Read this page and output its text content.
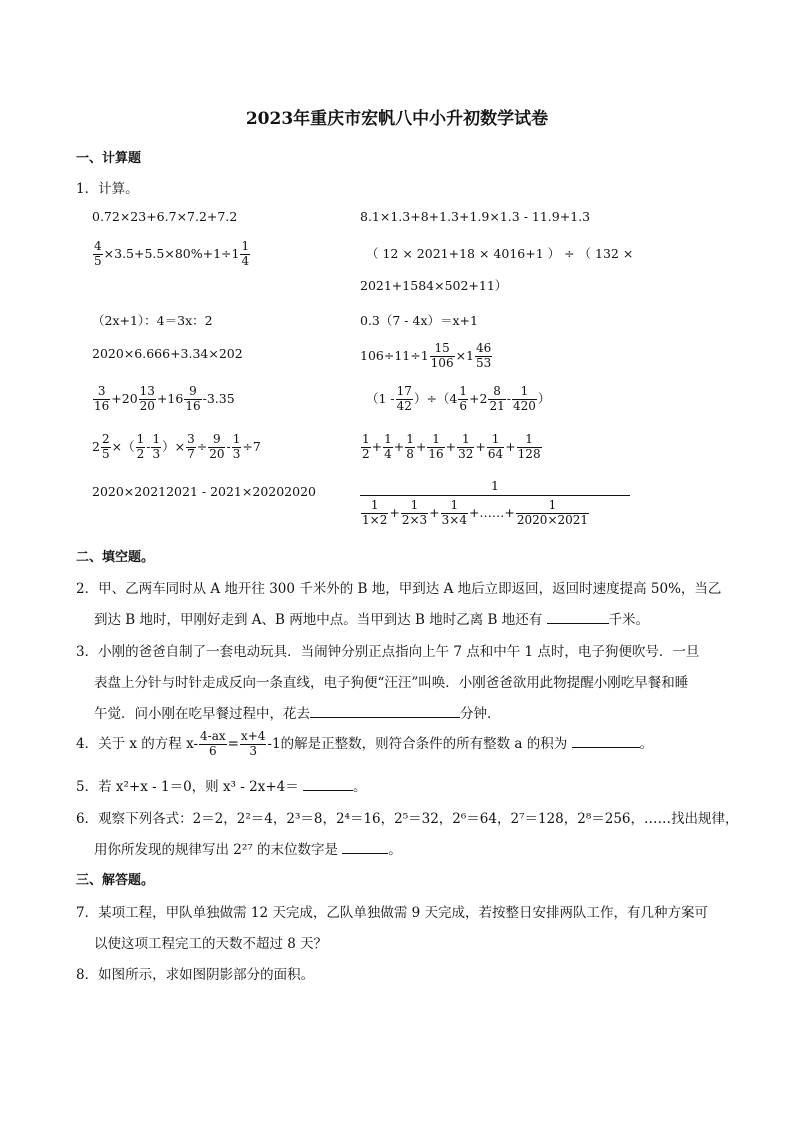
2023年重庆市宏帆八中小升初数学试卷
一、计算题
1．计算。
0.72×23+6.7×7.2+7.2
$\frac{4}{5} \times 3.5+5.5\times 80\%+1\div 1 \frac{1}{4}$
（2x+1）：4＝3x：2
2020×6.666+3.34×202
$\frac{3}{16} +20 \frac{13}{20} +16 \frac{9}{16} -3.35$
$2 \frac{2}{5}$ ×（ $\frac{1}{2} - \frac{1}{3}$ ）× $\frac{3}{7} \div \frac{9}{20} - \frac{1}{3} \div 7$
2020×20212021 - 2021×20202020
8.1×1.3+8+1.3+1.9×1.3 - 11.9+1.3
（ 12 × 2021+18 × 4016+1 ） ÷ （ 132 ×
2021+1584×502+11）
0.3（7 - 4x）＝x+1
$106\div 11\div 1 \frac{15}{106} \times 1 \frac{46}{53}$
$(1 - \frac{17}{42} )\div(4 \frac{1}{6} +2 \frac{8}{21} - \frac{1}{420}$ ）
$\frac{1}{2} + \frac{1}{4} + \frac{1}{8} + \frac{1}{16} + \frac{1}{32} + \frac{1}{64} + \frac{1}{128}$
1
$\frac{1}{1\times 2} + \frac{1}{2\times 3} + \frac{1}{3\times 4}$ +……+ $\frac{1}{2020\times 2021}$
二、填空题。
2．甲、乙两车同时从 A 地开往 300 千米外的 B 地，甲到达 A 地后立即返回，返回时速度提高 50%，当乙
到达 B 地时，甲刚好走到 A、B 两地中点。当甲到达 B 地时乙离 B 地还有	千米。
3．小刚的爸爸自制了一套电动玩具．当闹钟分别正点指向上午 7 点和中午 1 点时，电子狗便吹号．一旦
表盘上分针与时针走成反向一条直线，电子狗便“汪汪”叫唤．小刚爸爸欲用此物提醒小刚吃早餐和睡
午觉．问小刚在吃早餐过程中，花去	分钟．
4．关于 x 的方程 $x- \frac{4-ax}{6} = \frac{x+4}{3} -1$的解是正整数，则符合条件的所有整数 a 的积为	。
5．若 x²+x - 1＝0，则 x³ - 2x+4＝	。
6．观察下列各式：2＝2，2²＝4，2³＝8，2⁴＝16，2⁵＝32，2⁶＝64，2⁷＝128，2⁸＝256，……找出规律，
用你所发现的规律写出 2²⁷ 的末位数字是	。
三、解答题。
7．某项工程，甲队单独做需 12 天完成，乙队单独做需 9 天完成，若按整日安排两队工作，有几种方案可
以使这项工程完工的天数不超过 8 天？
8．如图所示，求如图阴影部分的面积。
